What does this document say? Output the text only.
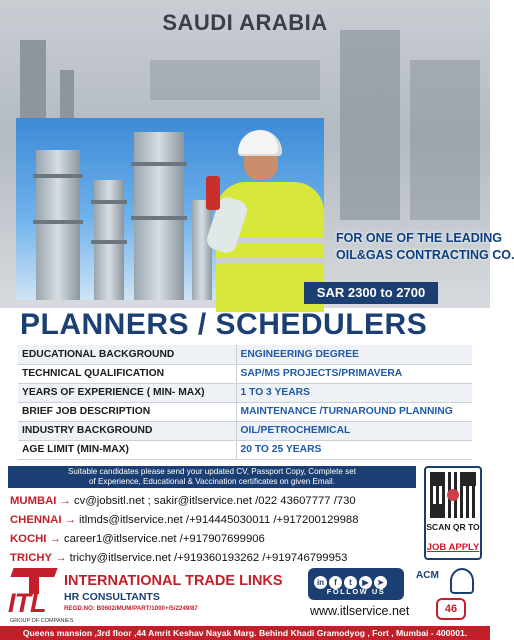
SAUDI ARABIA
FOR ONE OF THE LEADING
OIL&GAS CONTRACTING CO.
SAR 2300 to 2700
PLANNERS / SCHEDULERS
EDUCATIONAL BACKGROUND	ENGINEERING DEGREE
TECHNICAL QUALIFICATION	SAP/MS PROJECTS/PRIMAVERA
YEARS OF EXPERIENCE ( MIN- MAX)	1 TO 3 YEARS
BRIEF JOB DESCRIPTION	MAINTENANCE /TURNAROUND PLANNING
INDUSTRY BACKGROUND	OIL/PETROCHEMICAL
AGE LIMIT (MIN-MAX)	20 TO 25 YEARS
Suitable candidates please send your updated CV, Passport Copy, Complete set
of Experience, Educational & Vaccination certificates on given Email.
MUMBAI → cv@jobsitl.net ; sakir@itlservice.net /022 43607777 /730
CHENNAI → itlmds@itlservice.net /+914445030011 /+917200129988
KOCHI → career1@itlservice.net /+917907699906
TRICHY → trichy@itlservice.net /+919360193262 /+919746799953
SCAN QR TO
JOB APPLY
ITL
GROUP OF COMPANIES
INTERNATIONAL TRADE LINKS
HR CONSULTANTS
REGD.NO: B0602/MUM/PART/1000+/5/2249/87
in f t ▶ ➤
FOLLOW US
www.itlservice.net
ACM
46
Queens mansion ,3rd floor ,44 Amrit Keshav Nayak Marg. Behind Khadi Gramodyog , Fort , Mumbai - 400001.
